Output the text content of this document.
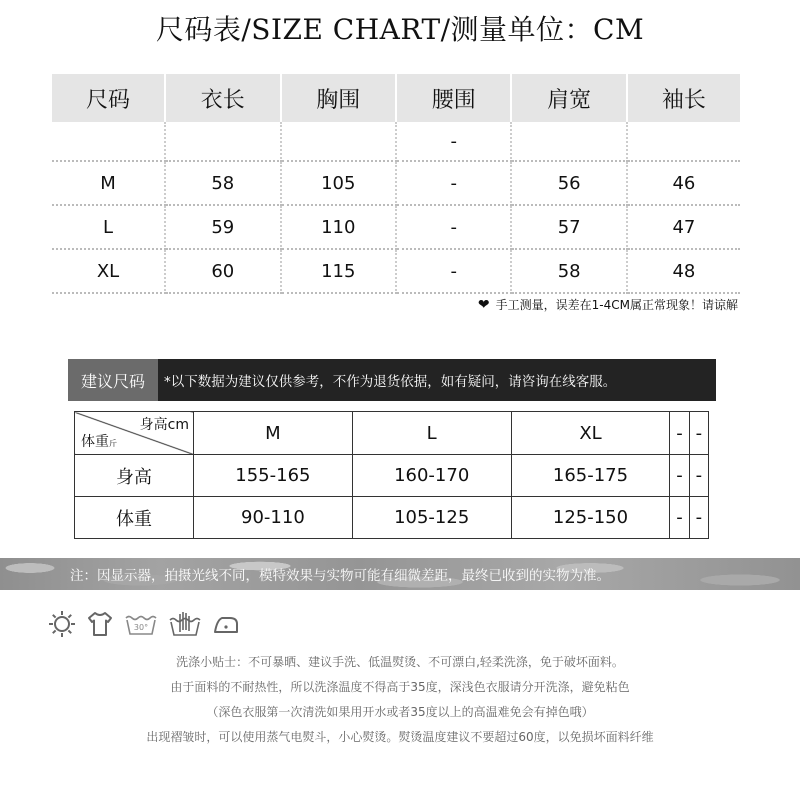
尺码表/SIZE CHART/测量单位：CM
尺码	衣长	胸围	腰围	肩宽	袖长
			-		
M	58	105	-	56	46
L	59	110	-	57	47
XL	60	115	-	58	48
❤ 手工测量，误差在1-4CM属正常现象！请谅解
建议尺码	*以下数据为建议仅供参考，不作为退货依据，如有疑问，请咨询在线客服。
身高cm
体重斤	M	L	XL	-	-
身高	155-165	160-170	165-175	-	-
体重	90-110	105-125	125-150	-	-
注：因显示器，拍摄光线不同，模特效果与实物可能有细微差距，最终已收到的实物为准。
30°
洗涤小贴士：不可暴晒、建议手洗、低温熨烫、不可漂白,轻柔洗涤，免于破坏面料。
由于面料的不耐热性，所以洗涤温度不得高于35度，深浅色衣服请分开洗涤，避免粘色
（深色衣服第一次清洗如果用开水或者35度以上的高温难免会有掉色哦）
出现褶皱时，可以使用蒸气电熨斗，小心熨烫。熨烫温度建议不要超过60度，以免损坏面料纤维
